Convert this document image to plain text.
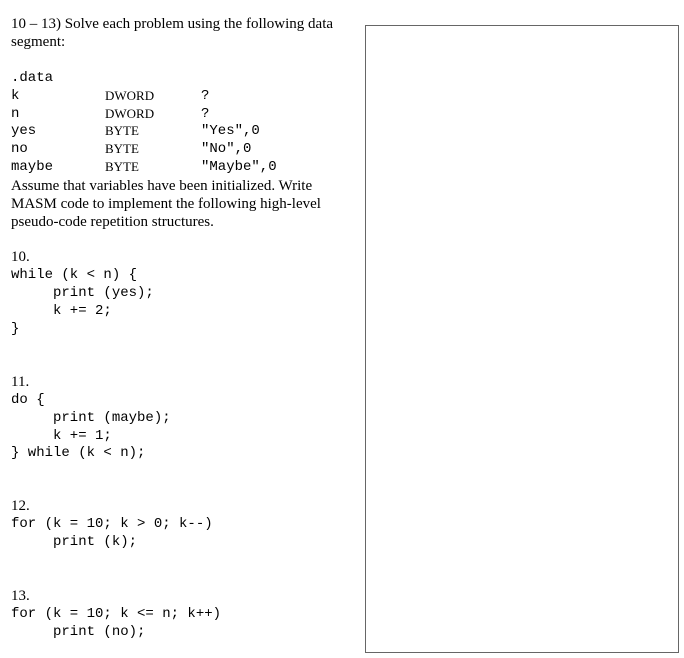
10 – 13) Solve each problem using the following data segment:
.data
k	DWORD	?
n	DWORD	?
yes	BYTE	"Yes",0
no	BYTE	"No",0
maybe	BYTE	"Maybe",0
Assume that variables have been initialized. Write MASM code to implement the following high-level pseudo-code repetition structures.
10.
while (k < n) {
print (yes);
k += 2;
}
11.
do {
print (maybe);
k += 1;
} while (k < n);
12.
for (k = 10; k > 0; k--)
print (k);
13.
for (k = 10; k <= n; k++)
print (no);
